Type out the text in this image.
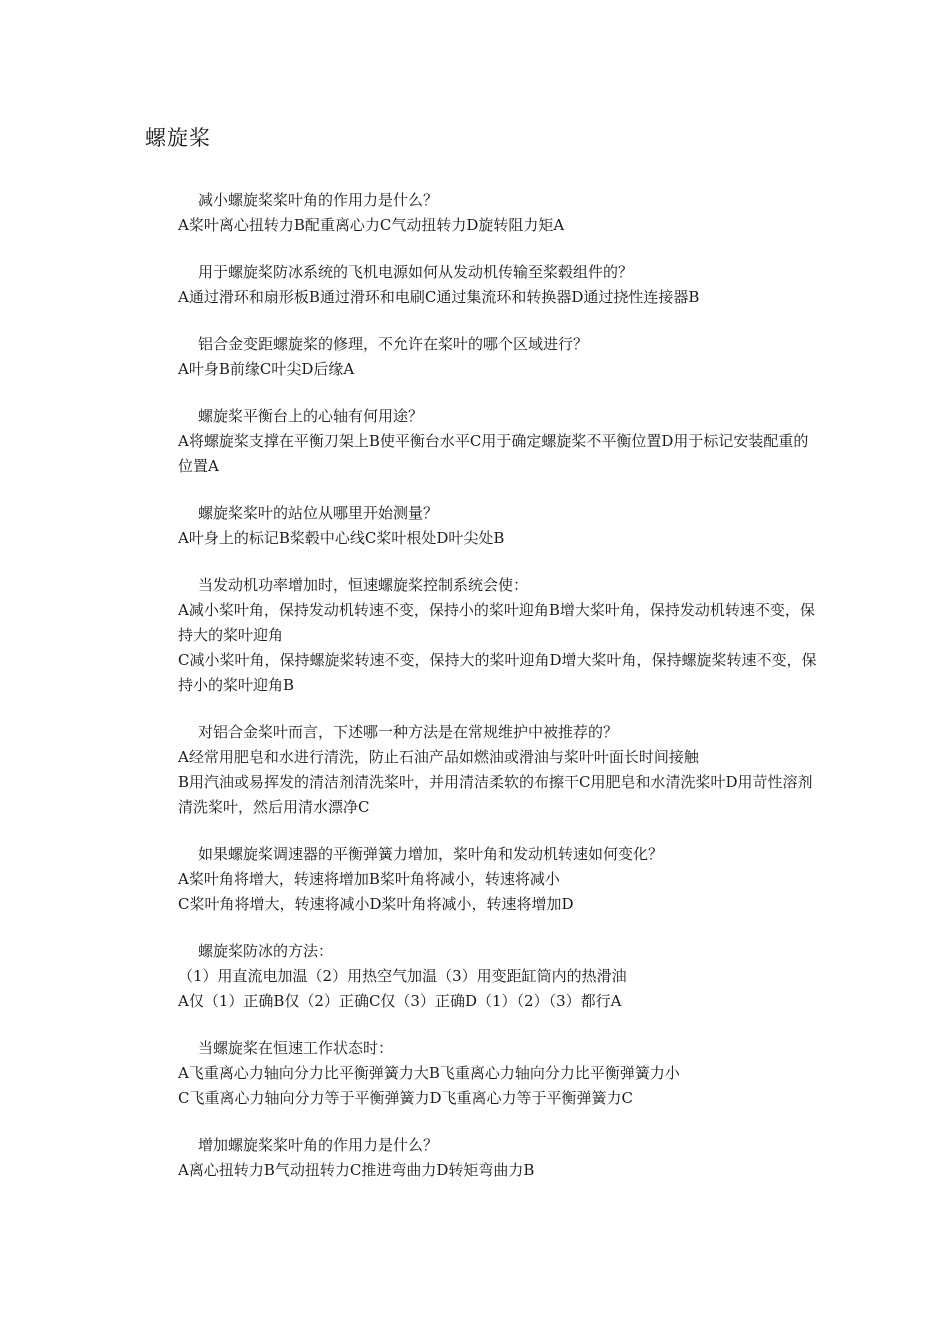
螺旋桨

减小螺旋桨桨叶角的作用力是什么？

A桨叶离心扭转力B配重离心力C气动扭转力D旋转阻力矩A

用于螺旋桨防冰系统的飞机电源如何从发动机传输至桨毂组件的？

A通过滑环和扇形板B通过滑环和电刷C通过集流环和转换器D通过挠性连接器B

铝合金变距螺旋桨的修理，不允许在桨叶的哪个区域进行？

A叶身B前缘C叶尖D后缘A

螺旋桨平衡台上的心轴有何用途？

A将螺旋桨支撑在平衡刀架上B使平衡台水平C用于确定螺旋桨不平衡位置D用于标记安装配重的位置A

螺旋桨桨叶的站位从哪里开始测量？

A叶身上的标记B桨毂中心线C桨叶根处D叶尖处B

当发动机功率增加时，恒速螺旋桨控制系统会使：

A减小桨叶角，保持发动机转速不变，保持小的桨叶迎角B增大桨叶角，保持发动机转速不变，保持大的桨叶迎角

C减小桨叶角，保持螺旋桨转速不变，保持大的桨叶迎角D增大桨叶角，保持螺旋桨转速不变，保持小的桨叶迎角B

对铝合金桨叶而言，下述哪一种方法是在常规维护中被推荐的？

A经常用肥皂和水进行清洗，防止石油产品如燃油或滑油与桨叶叶面长时间接触

B用汽油或易挥发的清洁剂清洗桨叶，并用清洁柔软的布擦干C用肥皂和水清洗桨叶D用苛性溶剂清洗桨叶，然后用清水漂净C

如果螺旋桨调速器的平衡弹簧力增加，桨叶角和发动机转速如何变化？

A桨叶角将增大，转速将增加B桨叶角将减小，转速将减小

C桨叶角将增大，转速将减小D桨叶角将减小，转速将增加D

螺旋桨防冰的方法：

（1）用直流电加温（2）用热空气加温（3）用变距缸筒内的热滑油

A仅（1）正确B仅（2）正确C仅（3）正确D（1）（2）（3）都行A

当螺旋桨在恒速工作状态时：

A飞重离心力轴向分力比平衡弹簧力大B飞重离心力轴向分力比平衡弹簧力小

C飞重离心力轴向分力等于平衡弹簧力D飞重离心力等于平衡弹簧力C

增加螺旋桨桨叶角的作用力是什么？

A离心扭转力B气动扭转力C推进弯曲力D转矩弯曲力B
